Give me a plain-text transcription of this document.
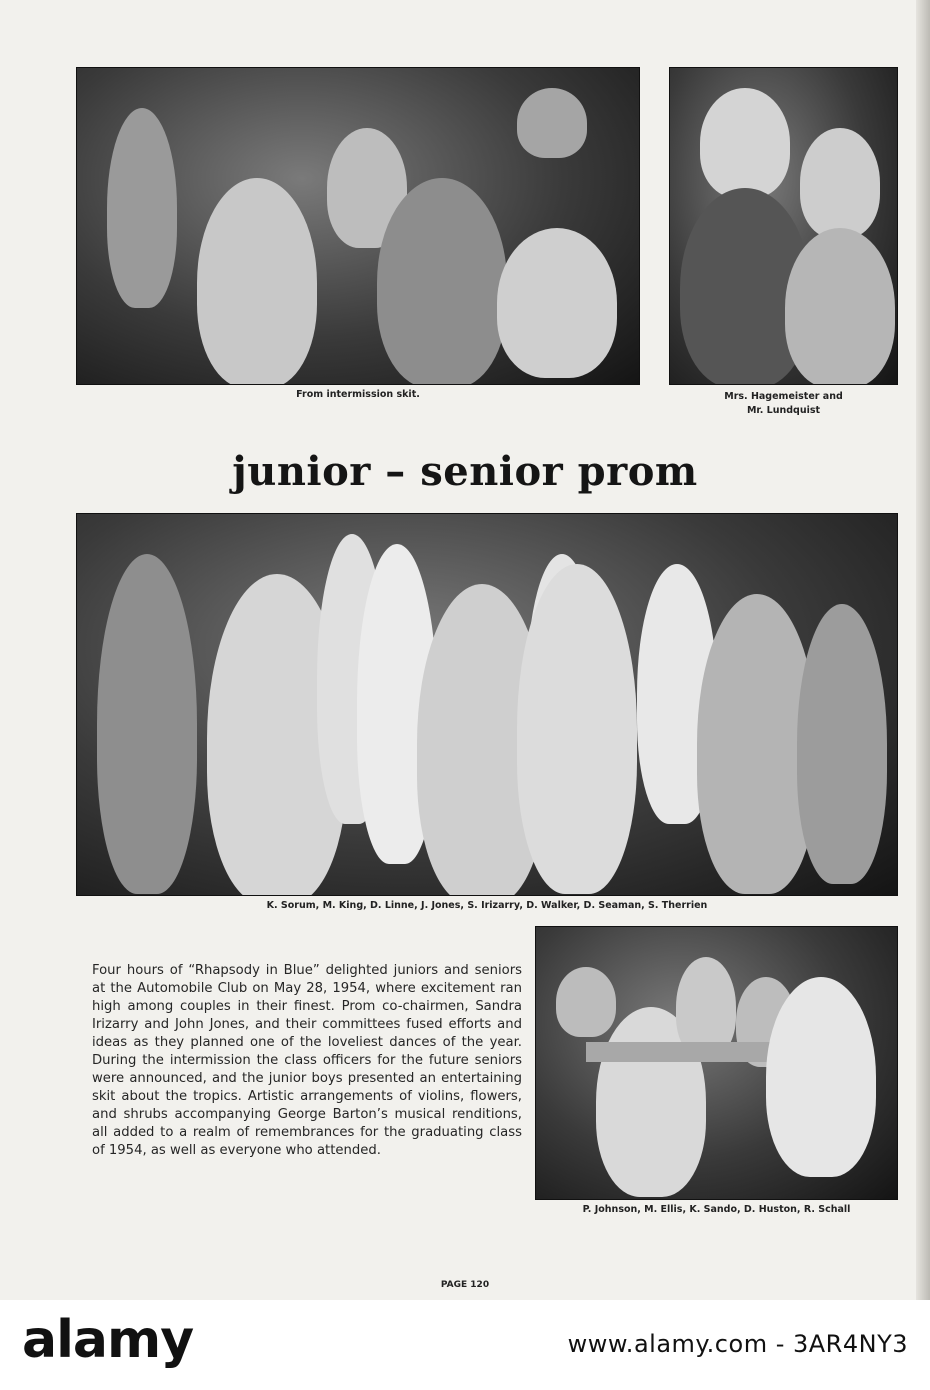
From intermission skit.	Mrs. Hagemeister and
Mr. Lundquist
junior – senior prom
K. Sorum, M. King, D. Linne, J. Jones, S. Irizarry, D. Walker, D. Seaman, S. Therrien

Four hours of “Rhapsody in Blue” delighted juniors and seniors at the Automobile Club on May 28, 1954, where excitement ran high among couples in their finest. Prom co-chairmen, Sandra Irizarry and John Jones, and their committees fused efforts and ideas as they planned one of the loveliest dances of the year. During the intermission the class officers for the future seniors were announced, and the junior boys presented an entertaining skit about the tropics. Artistic arrangements of violins, flowers, and shrubs accompanying George Barton’s musical renditions, all added to a realm of remembrances for the graduating class of 1954, as well as everyone who attended.

P. Johnson, M. Ellis, K. Sando, D. Huston, R. Schall
PAGE 120
alamy	www.alamy.com - 3AR4NY3
